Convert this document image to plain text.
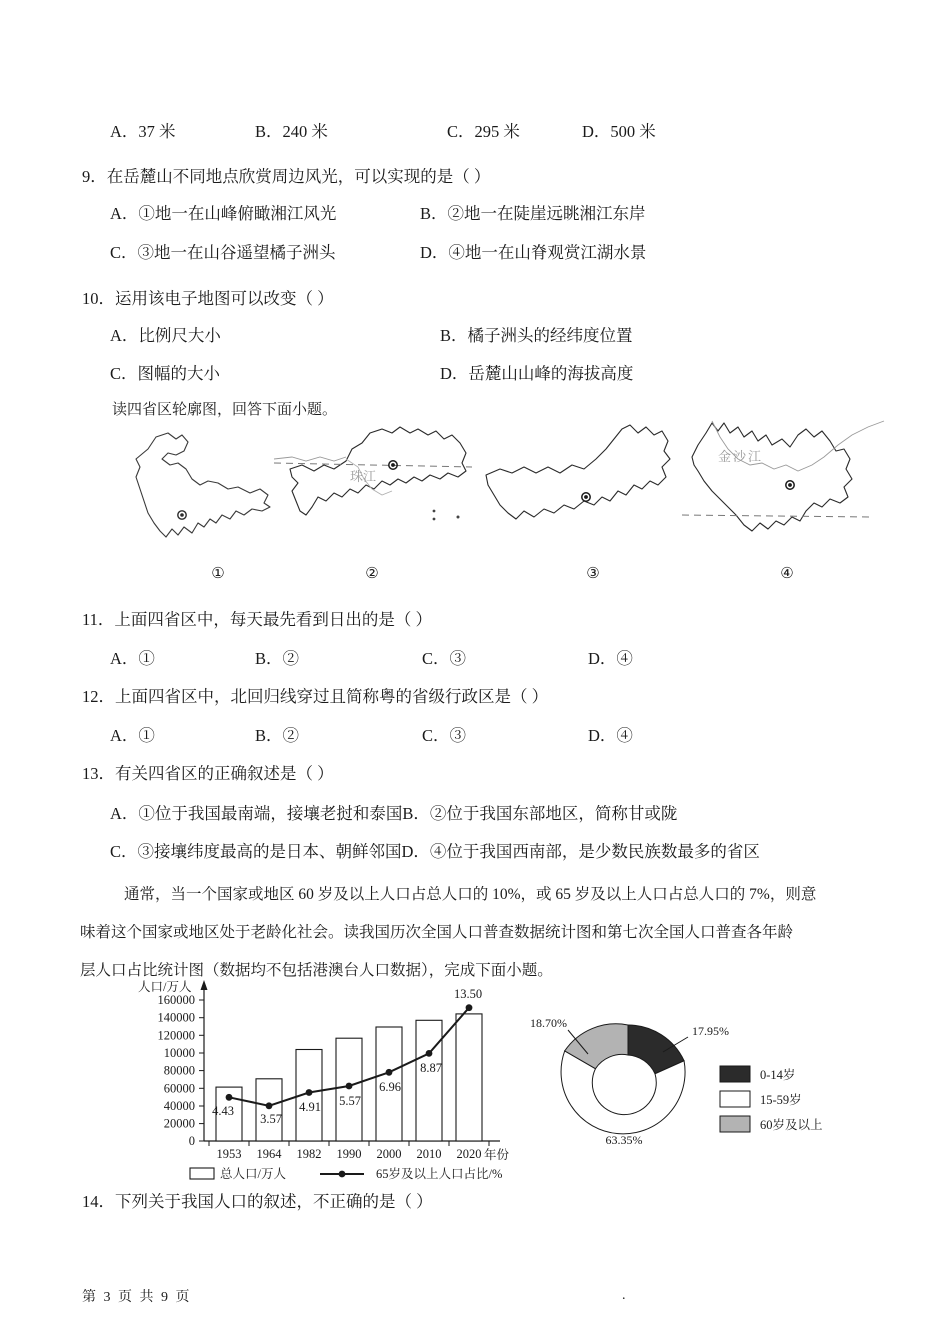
A．37 米	B．240 米	C．295 米	D．500 米
9．在岳麓山不同地点欣赏周边风光，可以实现的是（ ）
A．①地一在山峰俯瞰湘江风光	B．②地一在陡崖远眺湘江东岸
C．③地一在山谷遥望橘子洲头	D．④地一在山脊观赏江湖水景
10．运用该电子地图可以改变（ ）
A．比例尺大小	B．橘子洲头的经纬度位置
C．图幅的大小	D．岳麓山山峰的海拔高度
读四省区轮廓图，回答下面小题。
①
珠江
②	③
金沙江
④
11．上面四省区中，每天最先看到日出的是（ ）
A．①	B．②	C．③	D．④
12．上面四省区中，北回归线穿过且简称粤的省级行政区是（ ）
A．①	B．②	C．③	D．④
13．有关四省区的正确叙述是（ ）
A．①位于我国最南端，接壤老挝和泰国B．②位于我国东部地区，简称甘或陇
C．③接壤纬度最高的是日本、朝鲜邻国D．④位于我国西南部，是少数民族数最多的省区
通常，当一个国家或地区 60 岁及以上人口占总人口的 10%，或 65 岁及以上人口占总人口的 7%，则意
味着这个国家或地区处于老龄化社会。读我国历次全国人口普查数据统计图和第七次全国人口普查各年龄
层人口占比统计图（数据均不包括港澳台人口数据），完成下面小题。
人口/万人
160000
140000
120000
10000
80000
60000
40000
20000
0
4.43
3.57
4.91 5.57
6.96
8.87
13.50
1953 1964 1982 1990 2000 2010 2020 年份
总人口/万人	65岁及以上人口占比/%
17.95%
63.35%
18.70%
0-14岁
15-59岁
60岁及以上
14．下列关于我国人口的叙述，不正确的是（ ）
第 3 页 共 9 页	.
